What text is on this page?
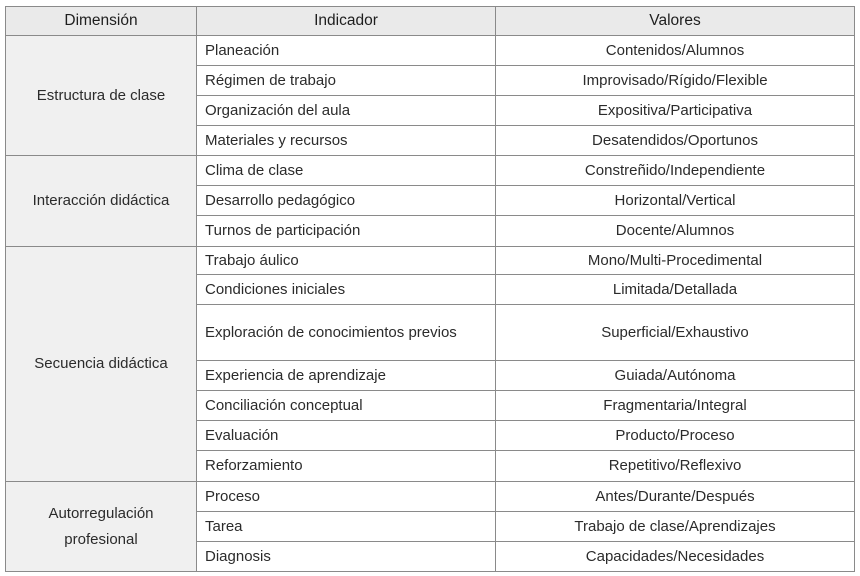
Dimensión	Indicador	Valores
Estructura de clase	Planeación	Contenidos/Alumnos
	Régimen de trabajo	Improvisado/Rígido/Flexible
	Organización del aula	Expositiva/Participativa
	Materiales y recursos	Desatendidos/Oportunos
Interacción didáctica	Clima de clase	Constreñido/Independiente
	Desarrollo pedagógico	Horizontal/Vertical
	Turnos de participación	Docente/Alumnos
Secuencia didáctica	Trabajo áulico	Mono/Multi-Procedimental
	Condiciones iniciales	Limitada/Detallada
	Exploración de conocimientos previos	Superficial/Exhaustivo
	Experiencia de aprendizaje	Guiada/Autónoma
	Conciliación conceptual	Fragmentaria/Integral
	Evaluación	Producto/Proceso
	Reforzamiento	Repetitivo/Reflexivo
Autorregulación profesional	Proceso	Antes/Durante/Después
	Tarea	Trabajo de clase/Aprendizajes
	Diagnosis	Capacidades/Necesidades
